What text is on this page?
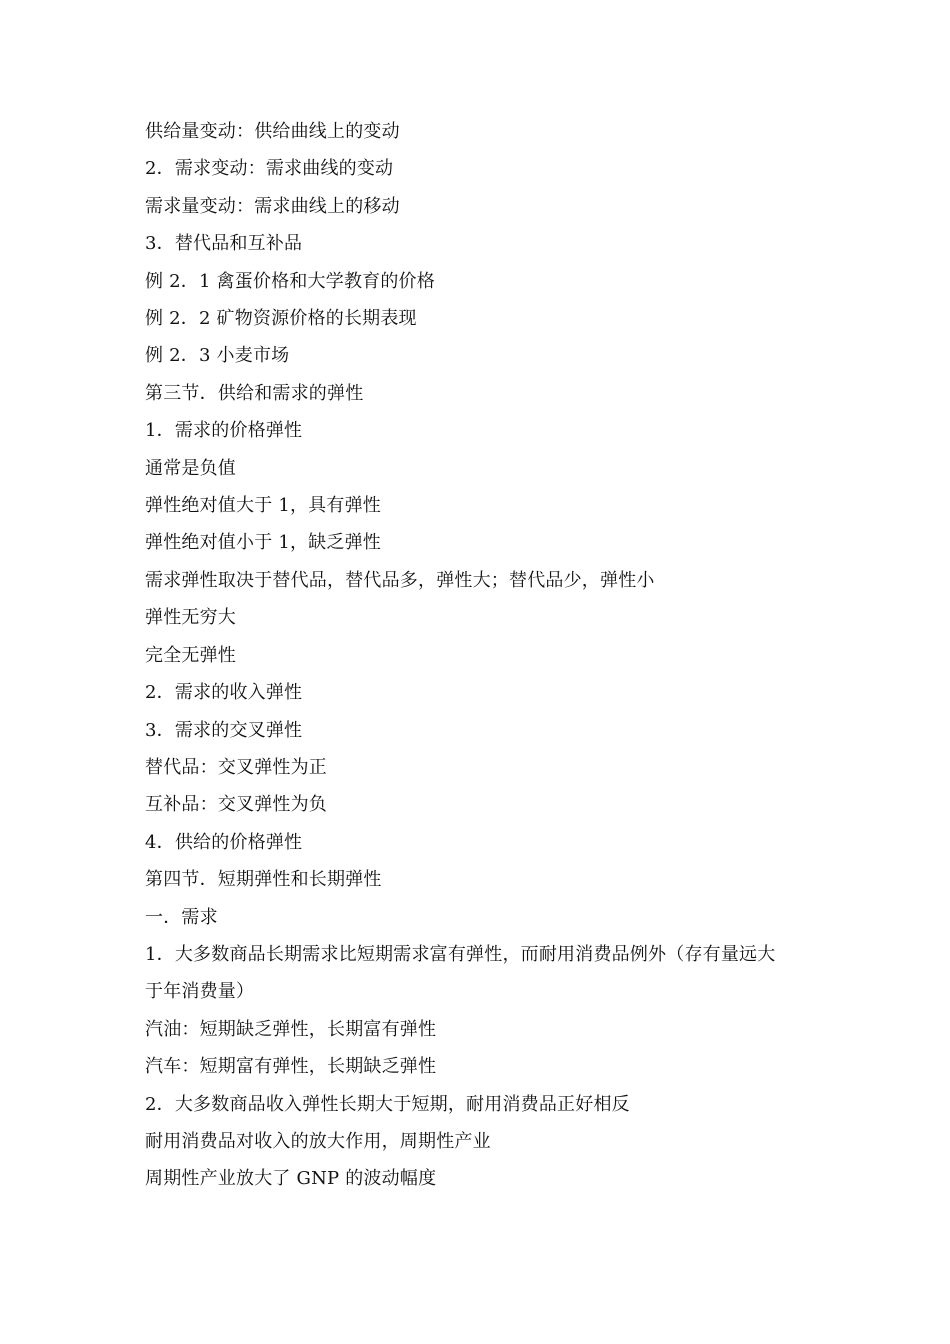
供给量变动：供给曲线上的变动

2．需求变动：需求曲线的变动

需求量变动：需求曲线上的移动

3．替代品和互补品

例 2．1 禽蛋价格和大学教育的价格

例 2．2 矿物资源价格的长期表现

例 2．3 小麦市场

第三节．供给和需求的弹性

1．需求的价格弹性

通常是负值

弹性绝对值大于 1，具有弹性

弹性绝对值小于 1，缺乏弹性

需求弹性取决于替代品，替代品多，弹性大；替代品少，弹性小

弹性无穷大

完全无弹性

2．需求的收入弹性

3．需求的交叉弹性

替代品：交叉弹性为正

互补品：交叉弹性为负

4．供给的价格弹性

第四节．短期弹性和长期弹性

一．需求

1．大多数商品长期需求比短期需求富有弹性，而耐用消费品例外（存有量远大

于年消费量）

汽油：短期缺乏弹性，长期富有弹性

汽车：短期富有弹性，长期缺乏弹性

2．大多数商品收入弹性长期大于短期，耐用消费品正好相反

耐用消费品对收入的放大作用，周期性产业

周期性产业放大了 GNP 的波动幅度
